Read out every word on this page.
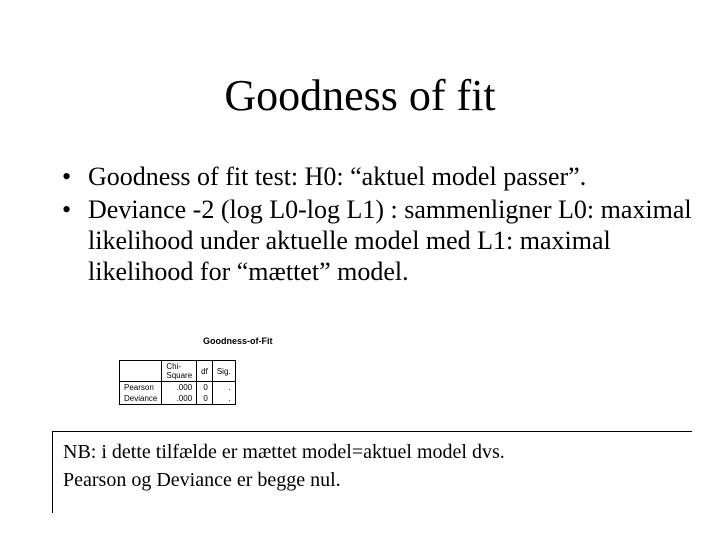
Goodness of fit
• Goodness of fit test: H0: “aktuel model passer”.
• Deviance -2 (log L0-log L1) : sammenligner L0: maximal likelihood under aktuelle model med L1: maximal likelihood for “mættet” model.
Goodness-of-Fit
	Chi-Square	df	Sig.
Pearson	.000	0	.
Deviance	.000	0	.
NB: i dette tilfælde er mættet model=aktuel model dvs.
Pearson og Deviance er begge nul.
